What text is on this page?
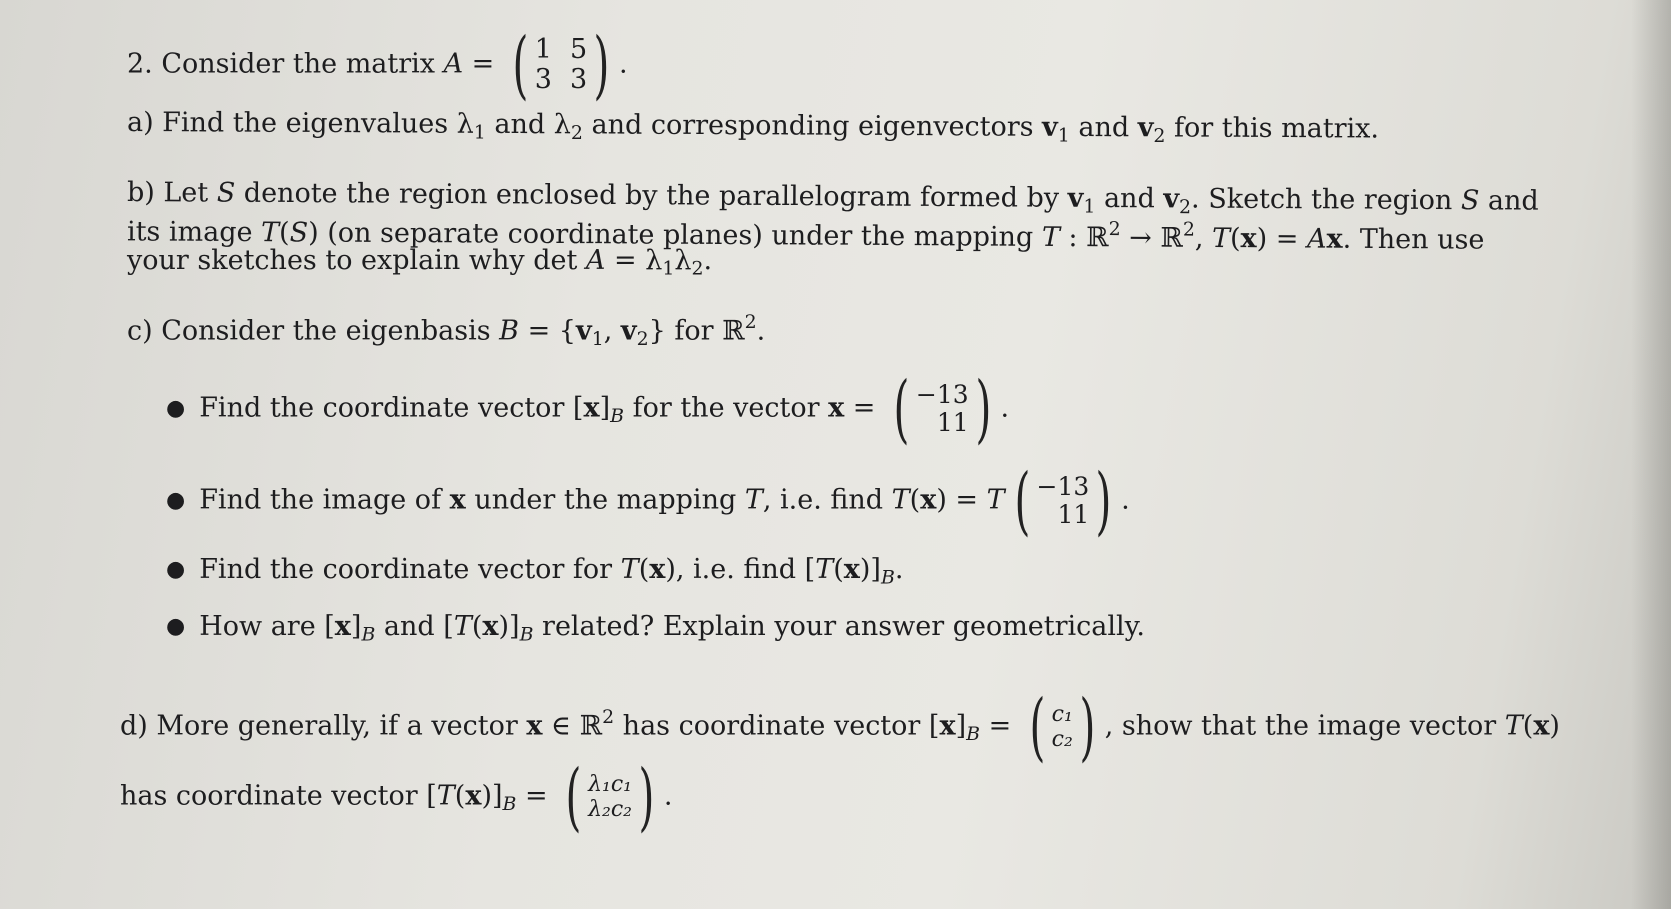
2. Consider the matrix A = ( 1 5
3 3 ) .
a) Find the eigenvalues $\lambda_1$ and $\lambda_2$ and corresponding eigenvectors $v_1$ and $v_2$ for this matrix.
b) Let S denote the region enclosed by the parallelogram formed by $v_1$ and $v_2$. Sketch the region S and
its image T(S) (on separate coordinate planes) under the mapping T : ℝ$^2$ → ℝ$^2$, T(x) = Ax. Then use
your sketches to explain why $\det A = \lambda_1\lambda_2$.
c) Consider the eigenbasis $B = \{v_1$, $v_2$} for ℝ$^2$.
● Find the coordinate vector $[x]_B$ for the vector x = ( −13
11 ) .
● Find the image of x under the mapping T, i.e. find T(x) = T ( −13
11 ) .
● Find the coordinate vector for T(x), i.e. find $[T(x)]_B$.
● How are $[x]_B$ and $[T(x)]_B$ related? Explain your answer geometrically.
d) More generally, if a vector x ∈ ℝ$^2$ has coordinate vector $[x]_B$ = ( c₁
c₂ ) , show that the image vector T(x)
has coordinate vector $[T(x)]_B$ = ( λ₁c₁
λ₂c₂ ) .
